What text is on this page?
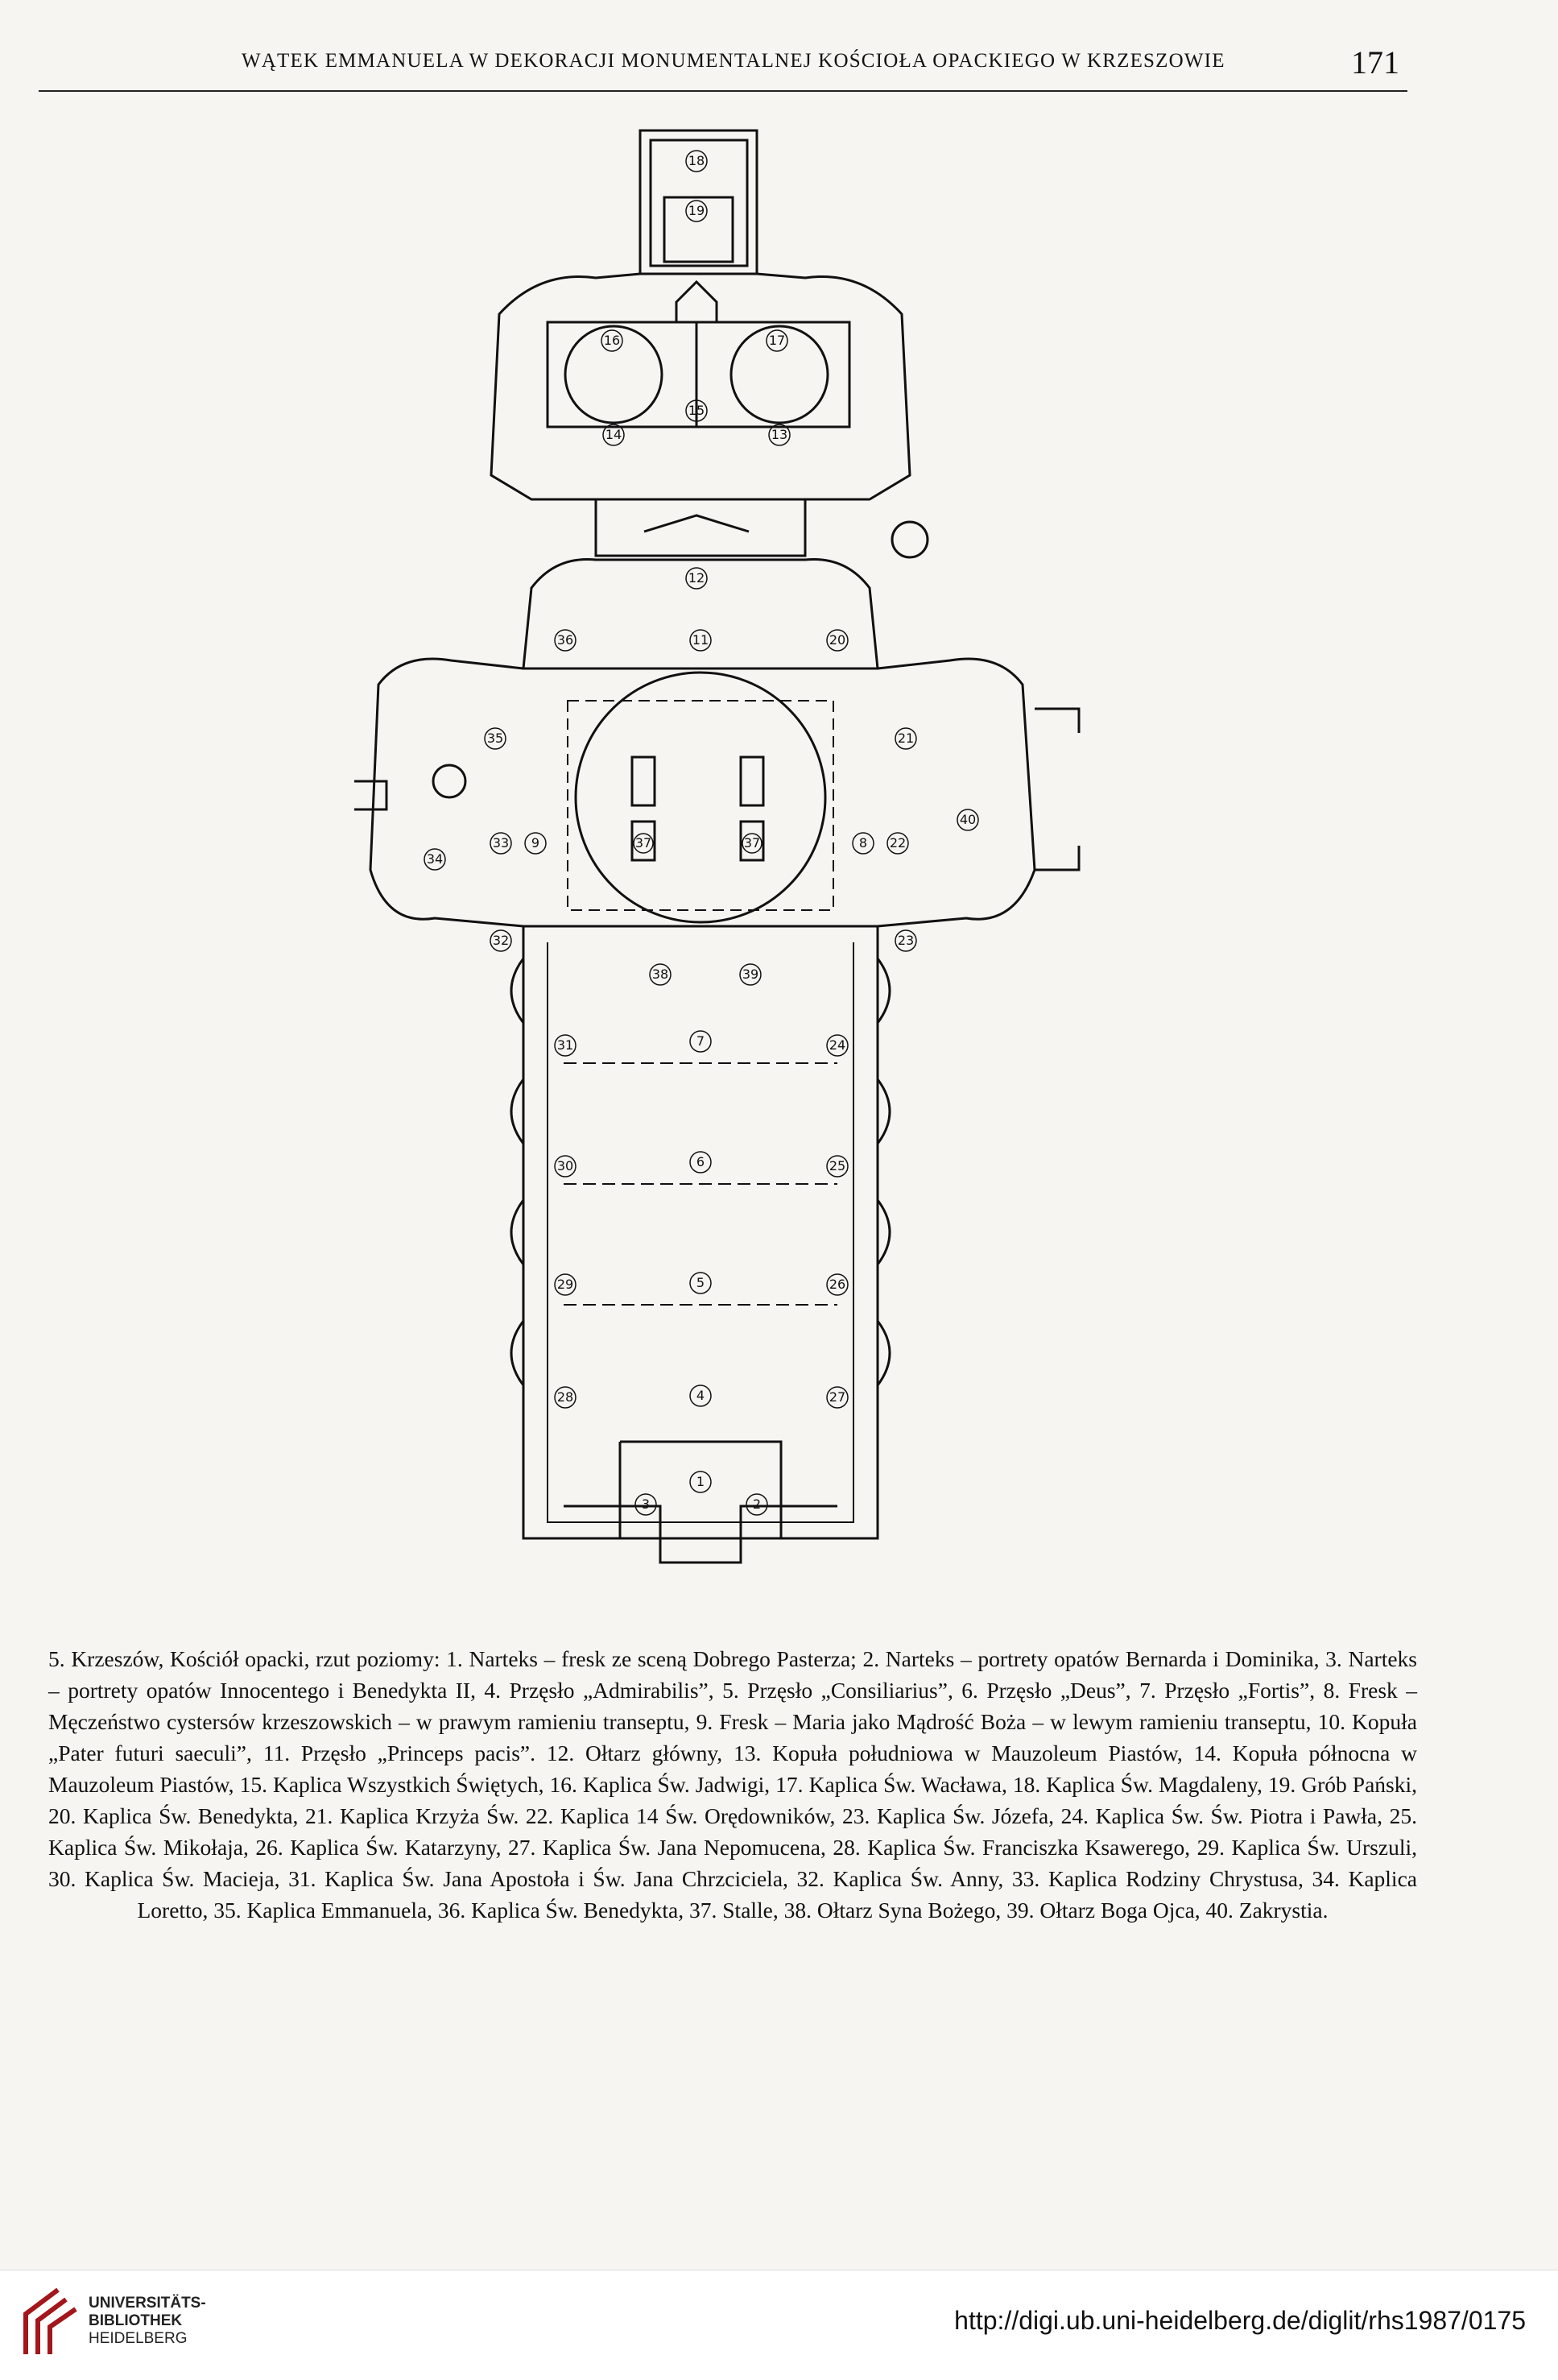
WĄTEK EMMANUELA W DEKORACJI MONUMENTALNEJ KOŚCIOŁA OPACKIEGO W KRZESZOWIE	171
18
19
16	17
14
15
13
12
36	11	20
35	21
40
34
33 9	8 22
37	37
32	23
38	39
31	7	24
30	6	25
29	5	26
28	4	27
1
3	2

5. Krzeszów, Kościół opacki, rzut poziomy: 1. Narteks – fresk ze sceną Dobrego Pasterza; 2. Narteks – portrety opatów Bernarda i Dominika, 3. Narteks – portrety opatów Innocentego i Benedykta II, 4. Przęsło „Admirabilis”, 5. Przęsło „Consiliarius”, 6. Przęsło „Deus”, 7. Przęsło „Fortis”, 8. Fresk – Męczeństwo cystersów krzeszowskich – w prawym ramieniu transeptu, 9. Fresk – Maria jako Mądrość Boża – w lewym ramieniu transeptu, 10. Kopuła „Pater futuri saeculi”, 11. Przęsło „Princeps pacis”. 12. Ołtarz główny, 13. Kopuła południowa w Mauzoleum Piastów, 14. Kopuła północna w Mauzoleum Piastów, 15. Kaplica Wszystkich Świętych, 16. Kaplica Św. Jadwigi, 17. Kaplica Św. Wacława, 18. Kaplica Św. Magdaleny, 19. Grób Pański, 20. Kaplica Św. Benedykta, 21. Kaplica Krzyża Św. 22. Kaplica 14 Św. Orędowników, 23. Kaplica Św. Józefa, 24. Kaplica Św. Św. Piotra i Pawła, 25. Kaplica Św. Mikołaja, 26. Kaplica Św. Katarzyny, 27. Kaplica Św. Jana Nepomucena, 28. Kaplica Św. Franciszka Ksawerego, 29. Kaplica Św. Urszuli, 30. Kaplica Św. Macieja, 31. Kaplica Św. Jana Apostoła i Św. Jana Chrzciciela, 32. Kaplica Św. Anny, 33. Kaplica Rodziny Chrystusa, 34. Kaplica Loretto, 35. Kaplica Emmanuela, 36. Kaplica Św. Benedykta, 37. Stalle, 38. Ołtarz Syna Bożego, 39. Ołtarz Boga Ojca, 40. Zakrystia.

UNIVERSITÄTS-
BIBLIOTHEK
HEIDELBERG
http://digi.ub.uni-heidelberg.de/diglit/rhs1987/0175
